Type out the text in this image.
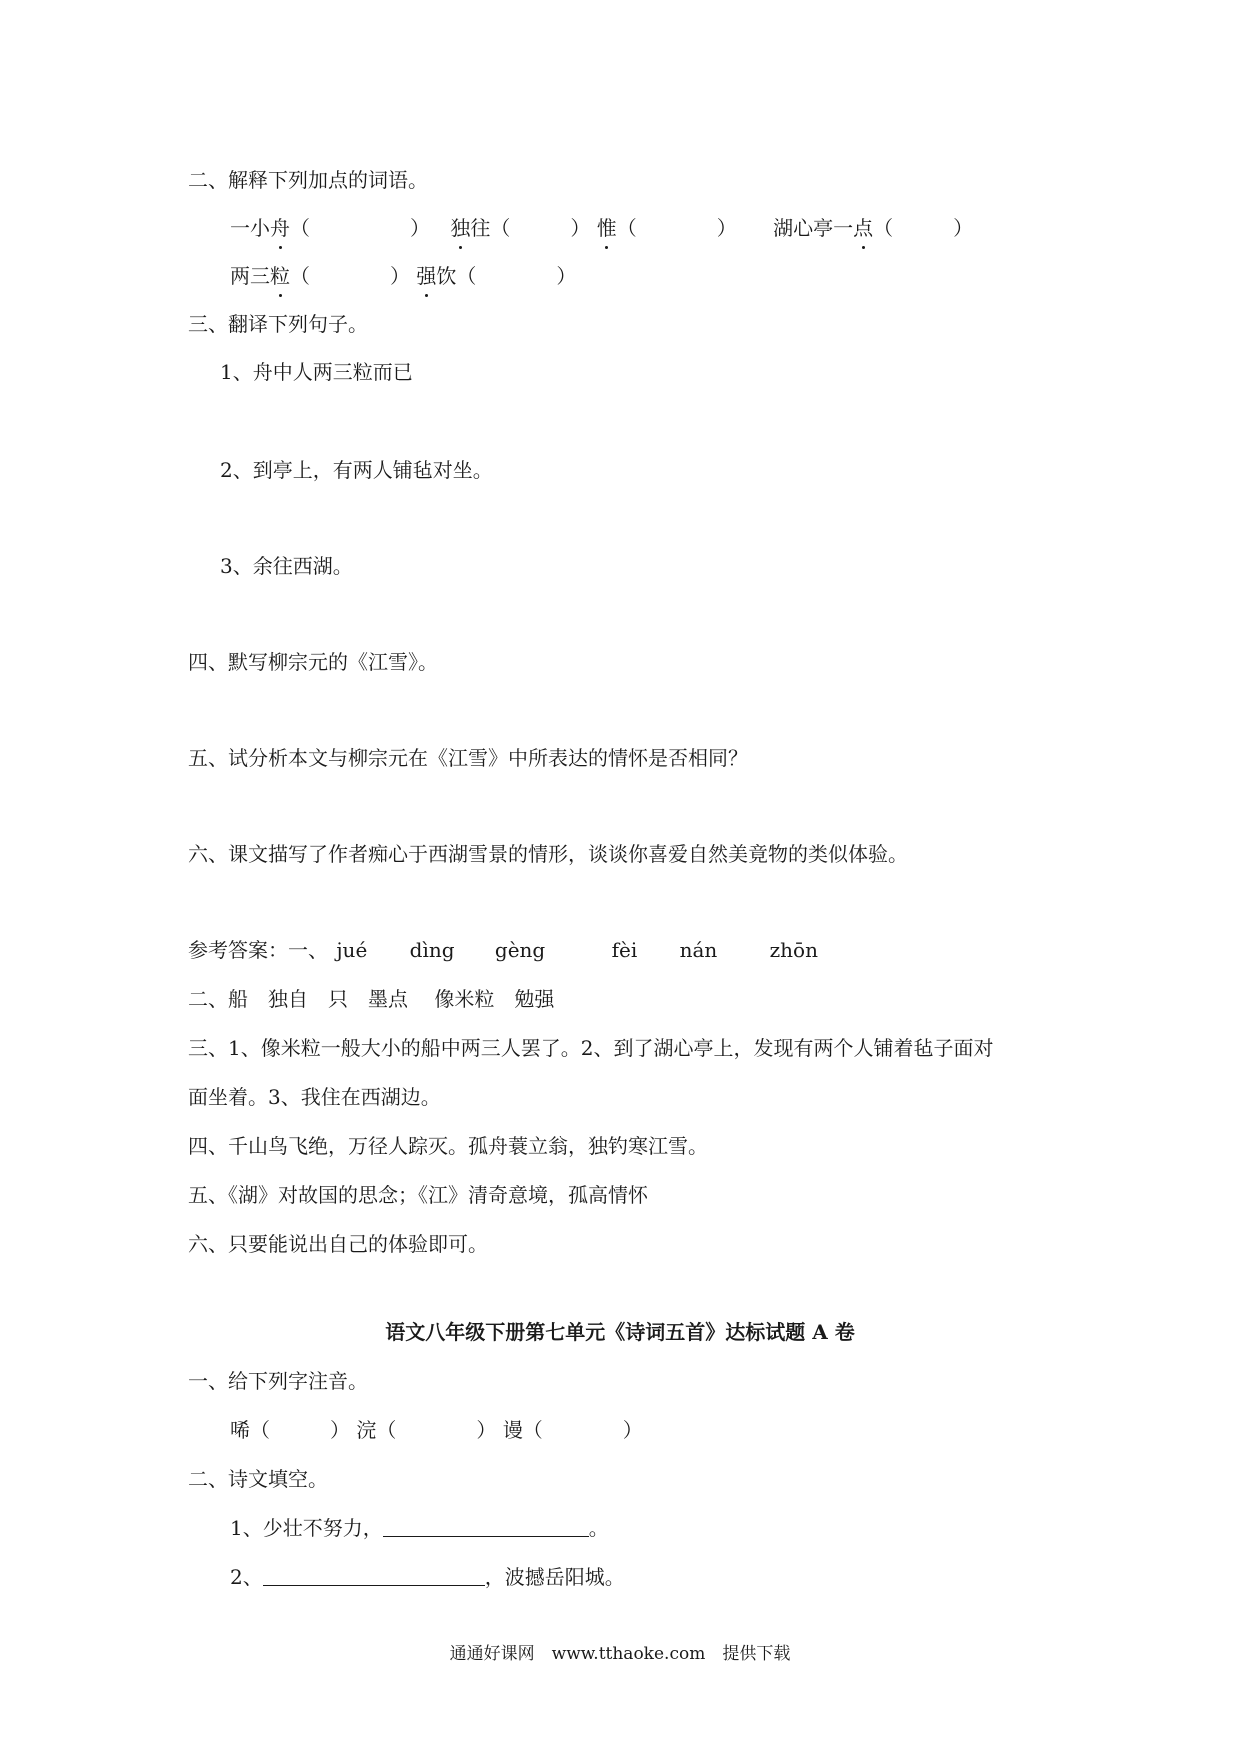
二、解释下列加点的词语。
一小舟（　　　　　） 独往（　　　） 惟（　　　　） 湖心亭一点（　　　）
两三粒（　　　　） 强饮（　　　　）
三、翻译下列句子。
1、舟中人两三粒而已
2、到亭上，有两人铺毡对坐。
3、余往西湖。
四、默写柳宗元的《江雪》。
五、试分析本文与柳宗元在《江雪》中所表达的情怀是否相同？
六、课文描写了作者痴心于西湖雪景的情形，谈谈你喜爱自然美竟物的类似体验。
参考答案：一、 jué dìng gèng	fèi nán	zhōn
二、船　独自　只　墨点　 像米粒　勉强
三、1、像米粒一般大小的船中两三人罢了。2、到了湖心亭上，发现有两个人铺着毡子面对
面坐着。3、我住在西湖边。
四、千山鸟飞绝，万径人踪灭。孤舟蓑立翁，独钓寒江雪。
五、《湖》对故国的思念；《江》清奇意境，孤高情怀
六、只要能说出自己的体验即可。
语文八年级下册第七单元《诗词五首》达标试题 A 卷
一、给下列字注音。
唏（　　　） 浣（　　　　） 谩（　　　　）
二、诗文填空。
1、少壮不努力，	。
2、	，波撼岳阳城。
通通好课网　www.tthaoke.com　提供下载
